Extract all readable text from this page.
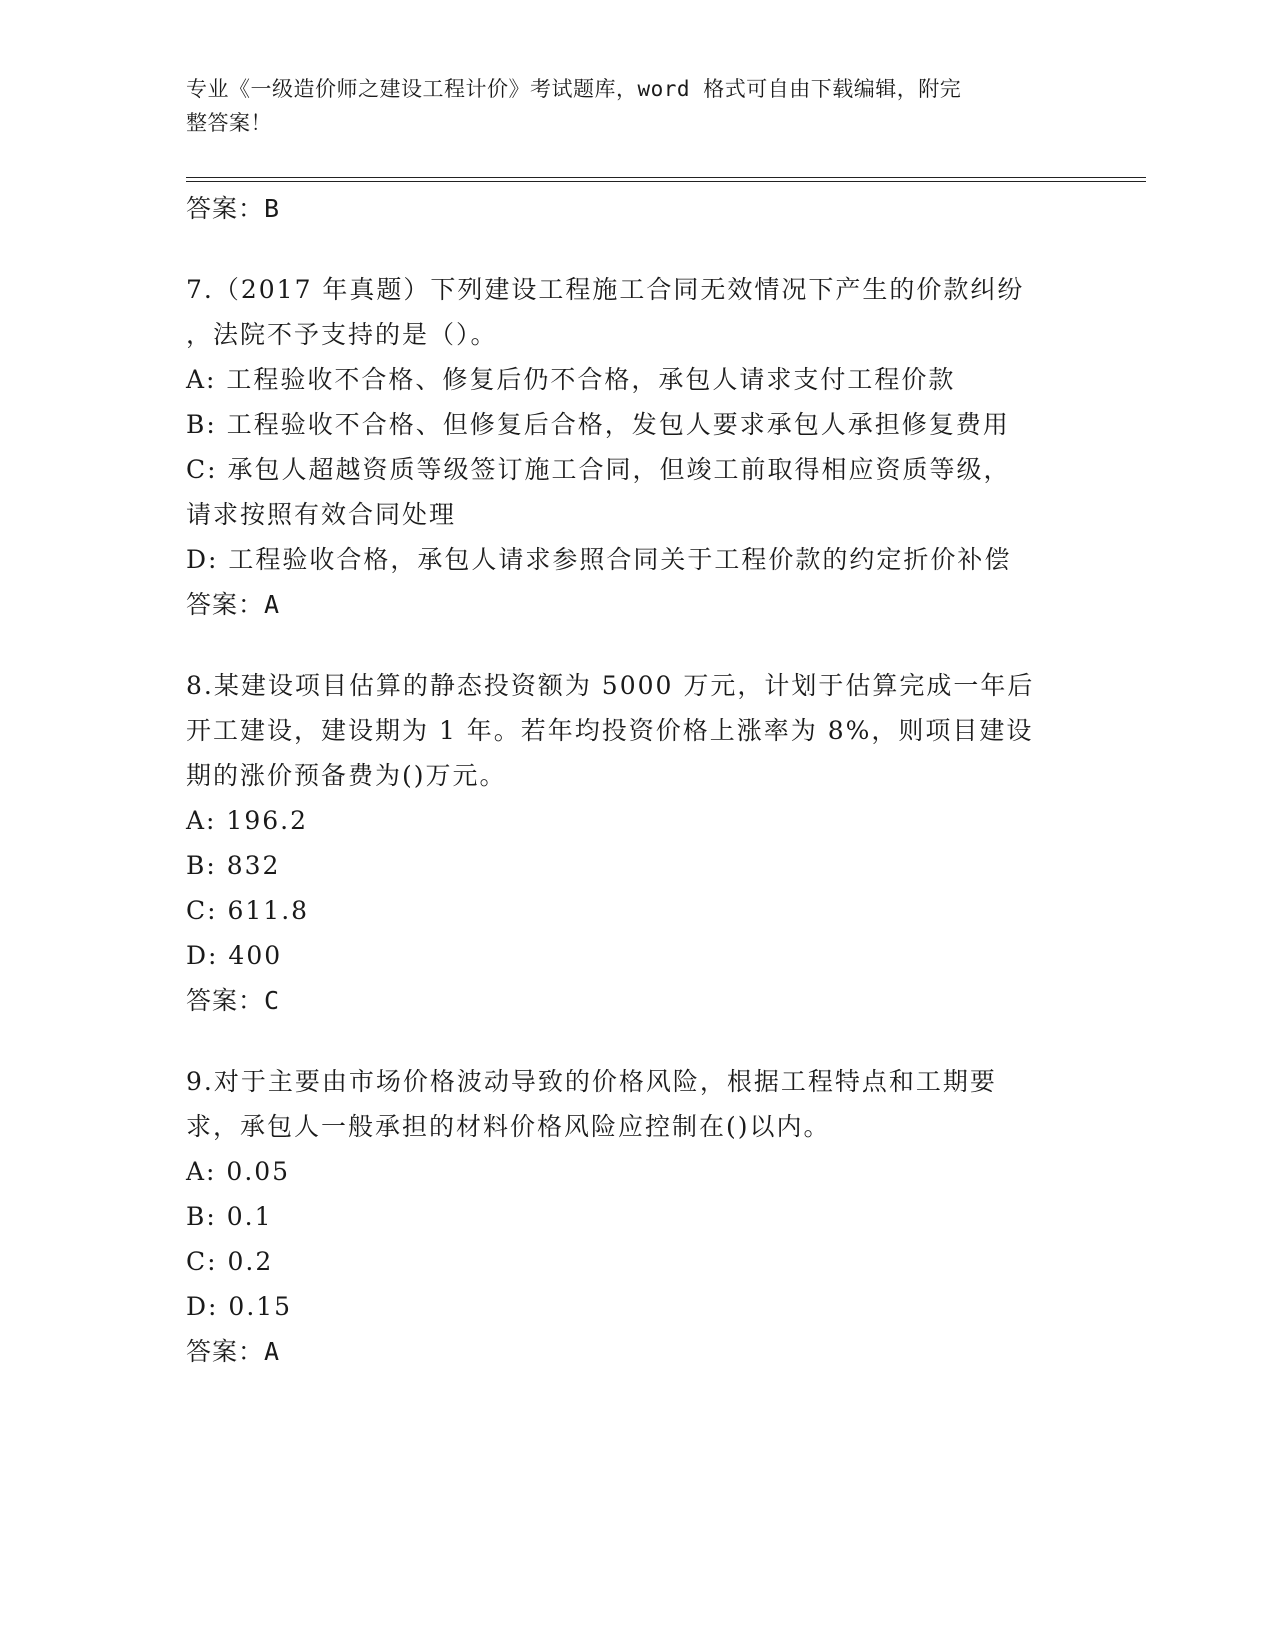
专业《一级造价师之建设工程计价》考试题库，word 格式可自由下载编辑，附完
整答案！
答案：B
7.（2017 年真题）下列建设工程施工合同无效情况下产生的价款纠纷
，法院不予支持的是（）。
A: 工程验收不合格、修复后仍不合格，承包人请求支付工程价款
B: 工程验收不合格、但修复后合格，发包人要求承包人承担修复费用
C: 承包人超越资质等级签订施工合同，但竣工前取得相应资质等级，
请求按照有效合同处理
D: 工程验收合格，承包人请求参照合同关于工程价款的约定折价补偿
答案：A
8.某建设项目估算的静态投资额为 5000 万元，计划于估算完成一年后
开工建设，建设期为 1 年。若年均投资价格上涨率为 8%，则项目建设
期的涨价预备费为()万元。
A: 196.2
B: 832
C: 611.8
D: 400
答案：C
9.对于主要由市场价格波动导致的价格风险，根据工程特点和工期要
求，承包人一般承担的材料价格风险应控制在()以内。
A: 0.05
B: 0.1
C: 0.2
D: 0.15
答案：A
